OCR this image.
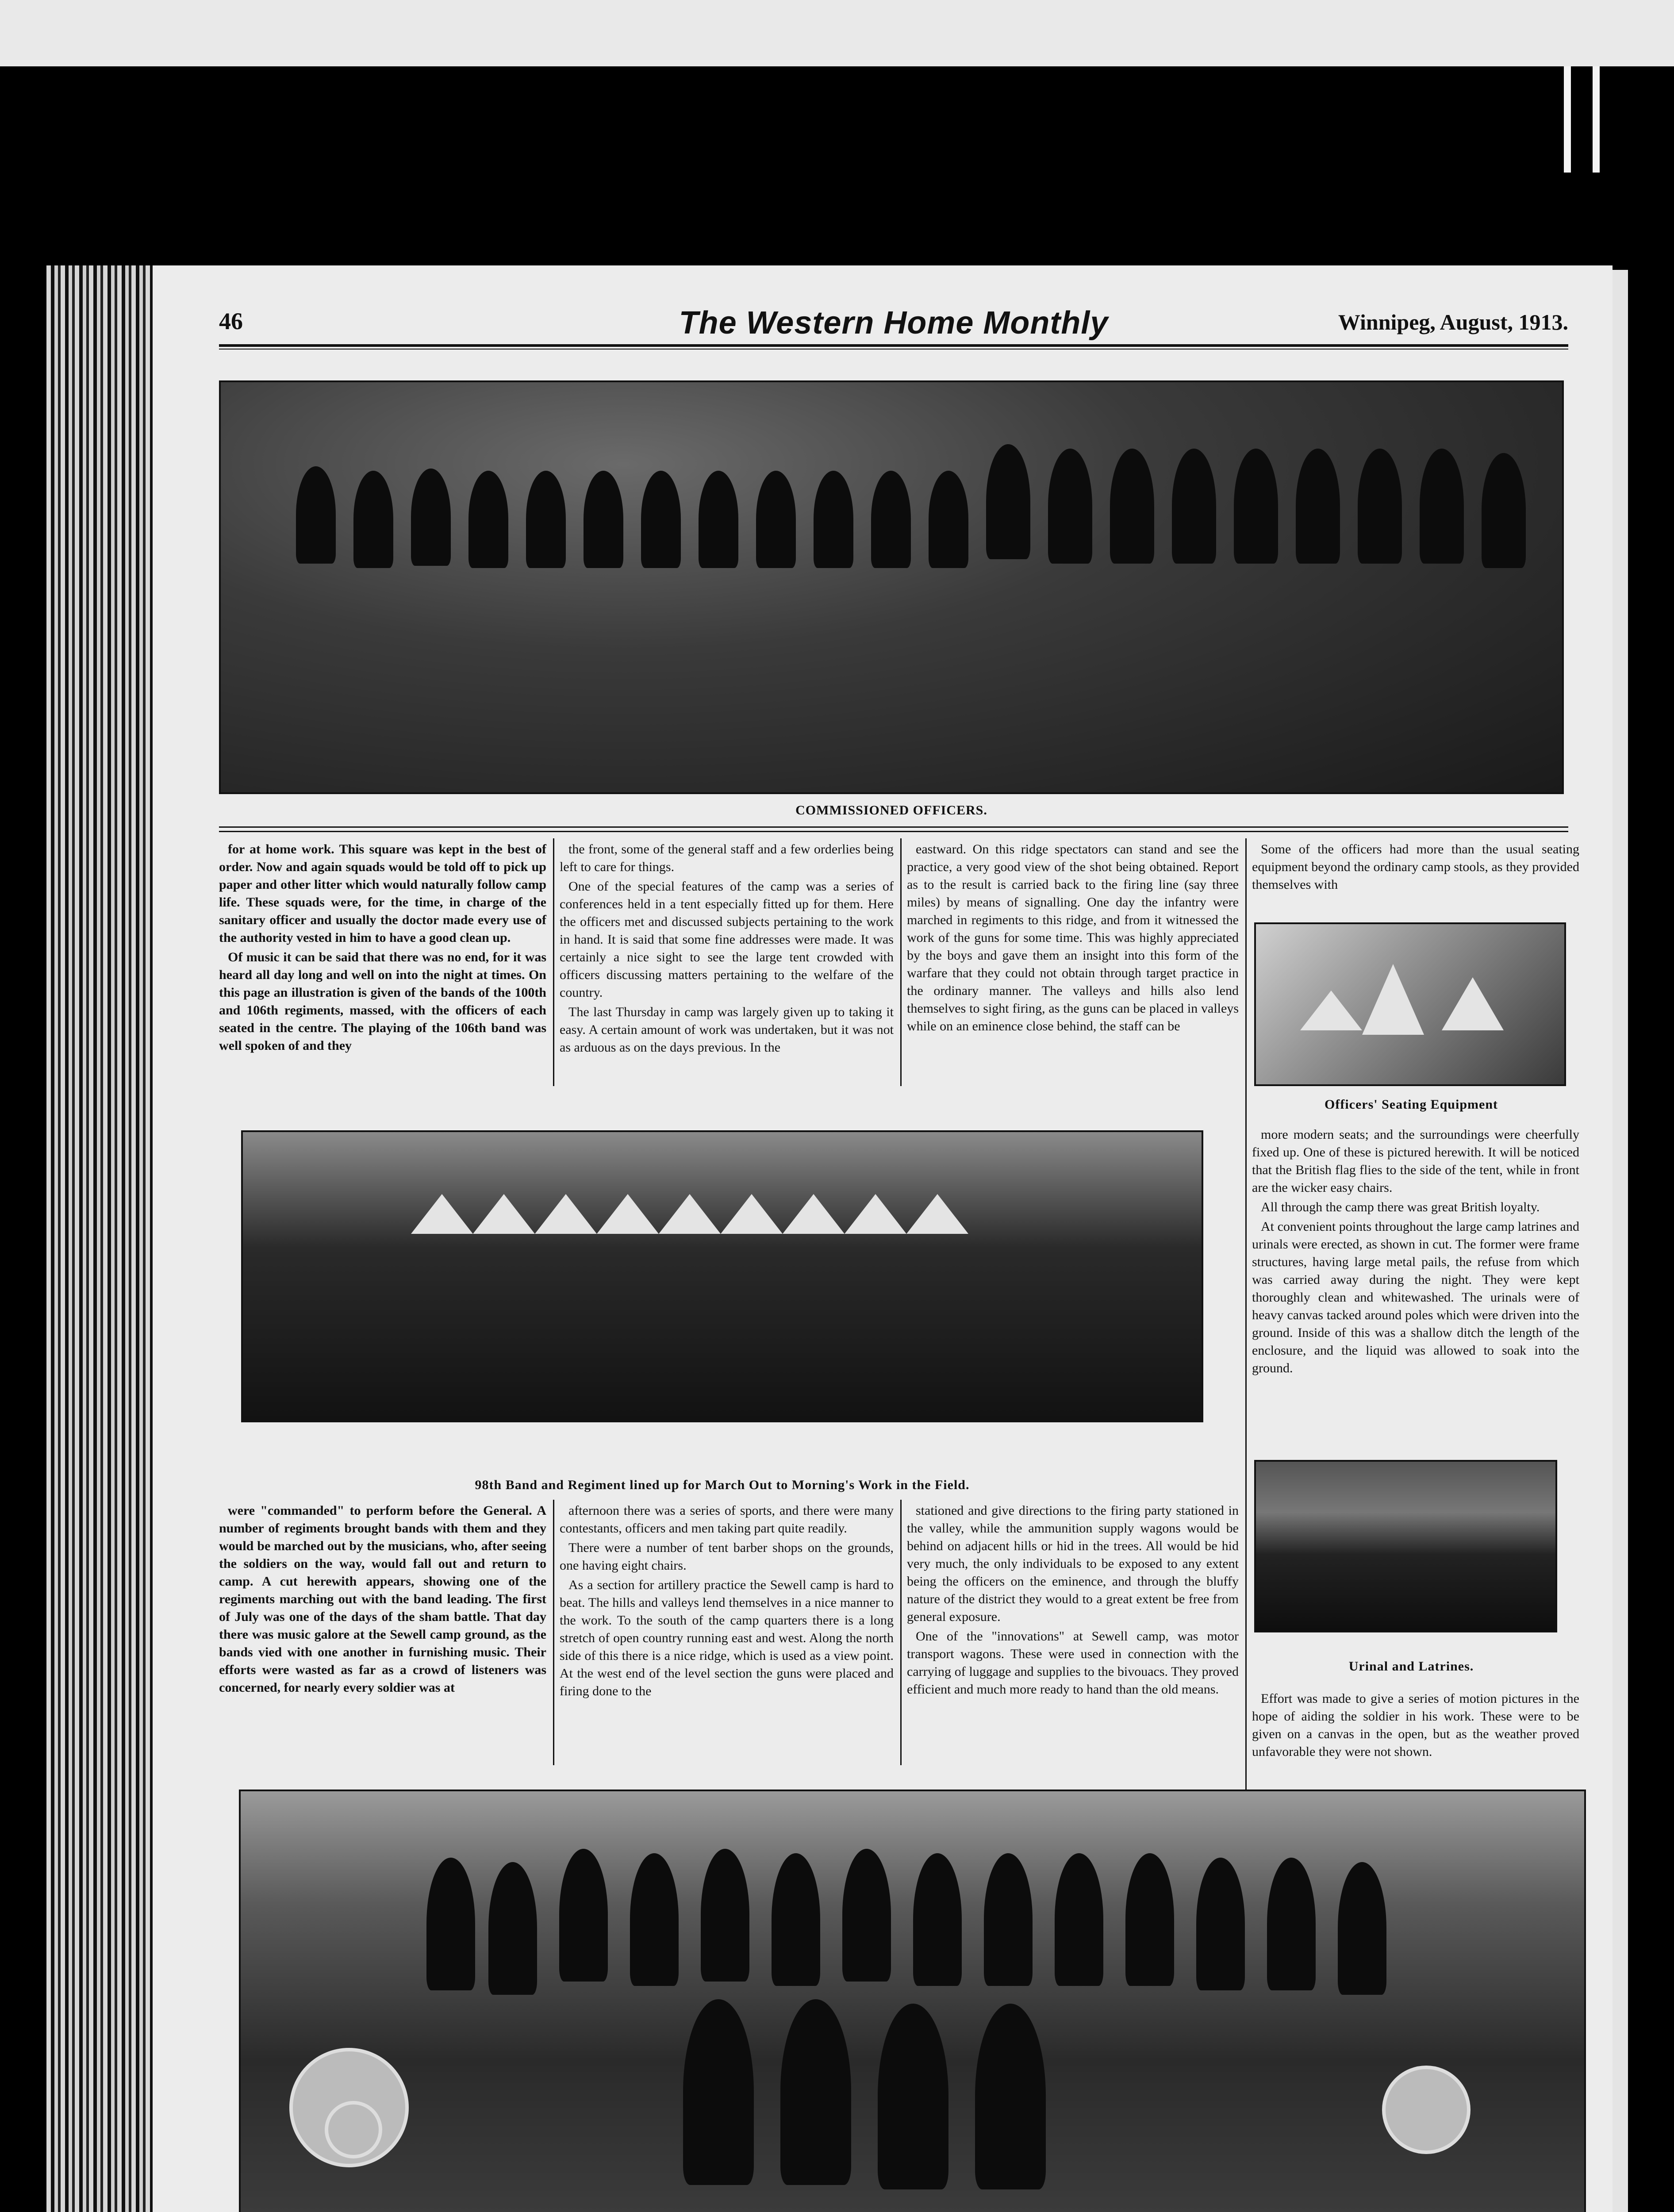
46	The Western Home Monthly	Winnipeg, August, 1913.
COMMISSIONED OFFICERS.

for at home work. This square was kept in the best of order. Now and again squads would be told off to pick up paper and other litter which would naturally follow camp life. These squads were, for the time, in charge of the sanitary officer and usually the doctor made every use of the authority vested in him to have a good clean up.

Of music it can be said that there was no end, for it was heard all day long and well on into the night at times. On this page an illustration is given of the bands of the 100th and 106th regiments, massed, with the officers of each seated in the centre. The playing of the 106th band was well spoken of and they

the front, some of the general staff and a few orderlies being left to care for things.

One of the special features of the camp was a series of conferences held in a tent especially fitted up for them. Here the officers met and discussed subjects pertaining to the work in hand. It is said that some fine addresses were made. It was certainly a nice sight to see the large tent crowded with officers discussing matters pertaining to the welfare of the country.

The last Thursday in camp was largely given up to taking it easy. A certain amount of work was undertaken, but it was not as arduous as on the days previous. In the

eastward. On this ridge spectators can stand and see the practice, a very good view of the shot being obtained. Report as to the result is carried back to the firing line (say three miles) by means of signalling. One day the infantry were marched in regiments to this ridge, and from it witnessed the work of the guns for some time. This was highly appreciated by the boys and gave them an insight into this form of the warfare that they could not obtain through target practice in the ordinary manner. The valleys and hills also lend themselves to sight firing, as the guns can be placed in valleys while on an eminence close behind, the staff can be

Some of the officers had more than the usual seating equipment beyond the ordinary camp stools, as they provided themselves with

Officers' Seating Equipment
98th Band and Regiment lined up for March Out to Morning's Work in the Field.

more modern seats; and the surroundings were cheerfully fixed up. One of these is pictured herewith. It will be noticed that the British flag flies to the side of the tent, while in front are the wicker easy chairs.

All through the camp there was great British loyalty.

At convenient points throughout the large camp latrines and urinals were erected, as shown in cut. The former were frame structures, having large metal pails, the refuse from which was carried away during the night. They were kept thoroughly clean and whitewashed. The urinals were of heavy canvas tacked around poles which were driven into the ground. Inside of this was a shallow ditch the length of the enclosure, and the liquid was allowed to soak into the ground.

Urinal and Latrines.

Effort was made to give a series of motion pictures in the hope of aiding the soldier in his work. These were to be given on a canvas in the open, but as the weather proved unfavorable they were not shown.

were "commanded" to perform before the General. A number of regiments brought bands with them and they would be marched out by the musicians, who, after seeing the soldiers on the way, would fall out and return to camp. A cut herewith appears, showing one of the regiments marching out with the band leading. The first of July was one of the days of the sham battle. That day there was music galore at the Sewell camp ground, as the bands vied with one another in furnishing music. Their efforts were wasted as far as a crowd of listeners was concerned, for nearly every soldier was at

afternoon there was a series of sports, and there were many contestants, officers and men taking part quite readily.

There were a number of tent barber shops on the grounds, one having eight chairs.

As a section for artillery practice the Sewell camp is hard to beat. The hills and valleys lend themselves in a nice manner to the work. To the south of the camp quarters there is a long stretch of open country running east and west. Along the north side of this there is a nice ridge, which is used as a view point. At the west end of the level section the guns were placed and firing done to the

stationed and give directions to the firing party stationed in the valley, while the ammunition supply wagons would be behind on adjacent hills or hid in the trees. All would be hid very much, the only individuals to be exposed to any extent being the officers on the eminence, and through the bluffy nature of the district they would to a great extent be free from general exposure.

One of the "innovations" at Sewell camp, was motor transport wagons. These were used in connection with the carrying of luggage and supplies to the bivouacs. They proved efficient and much more ready to hand than the old means.
